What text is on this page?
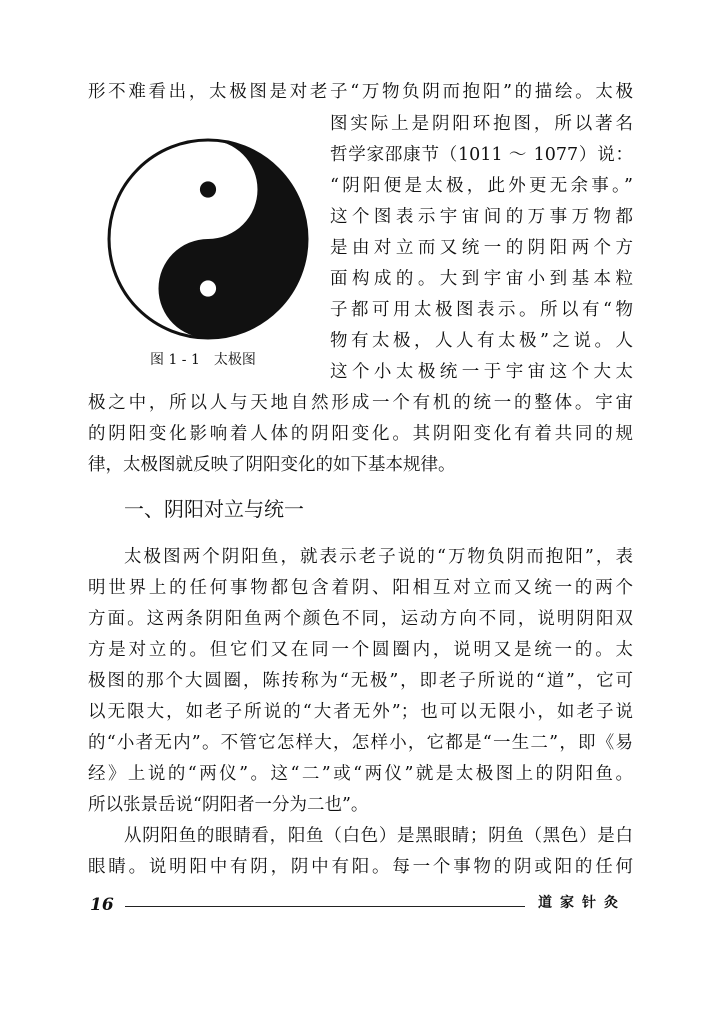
形不难看出，太极图是对老子“万物负阴而抱阳”的描绘。太极
图 1 - 1　太极图
图实际上是阴阳环抱图，所以著名
哲学家邵康节（1011 ～ 1077）说：
“阴阳便是太极，此外更无余事。”
这个图表示宇宙间的万事万物都
是由对立而又统一的阴阳两个方
面构成的。大到宇宙小到基本粒
子都可用太极图表示。所以有“物
物有太极，人人有太极”之说。人
这个小太极统一于宇宙这个大太
极之中，所以人与天地自然形成一个有机的统一的整体。宇宙
的阴阳变化影响着人体的阴阳变化。其阴阳变化有着共同的规
律，太极图就反映了阴阳变化的如下基本规律。
一、阴阳对立与统一
太极图两个阴阳鱼，就表示老子说的“万物负阴而抱阳”，表
明世界上的任何事物都包含着阴、阳相互对立而又统一的两个
方面。这两条阴阳鱼两个颜色不同，运动方向不同，说明阴阳双
方是对立的。但它们又在同一个圆圈内，说明又是统一的。太
极图的那个大圆圈，陈抟称为“无极”，即老子所说的“道”，它可
以无限大，如老子所说的“大者无外”；也可以无限小，如老子说
的“小者无内”。不管它怎样大，怎样小，它都是“一生二”，即《易
经》上说的“两仪”。这“二”或“两仪”就是太极图上的阴阳鱼。
所以张景岳说“阴阳者一分为二也”。
从阴阳鱼的眼睛看，阳鱼（白色）是黑眼睛；阴鱼（黑色）是白
眼睛。说明阳中有阴，阴中有阳。每一个事物的阴或阳的任何
16	道家针灸
